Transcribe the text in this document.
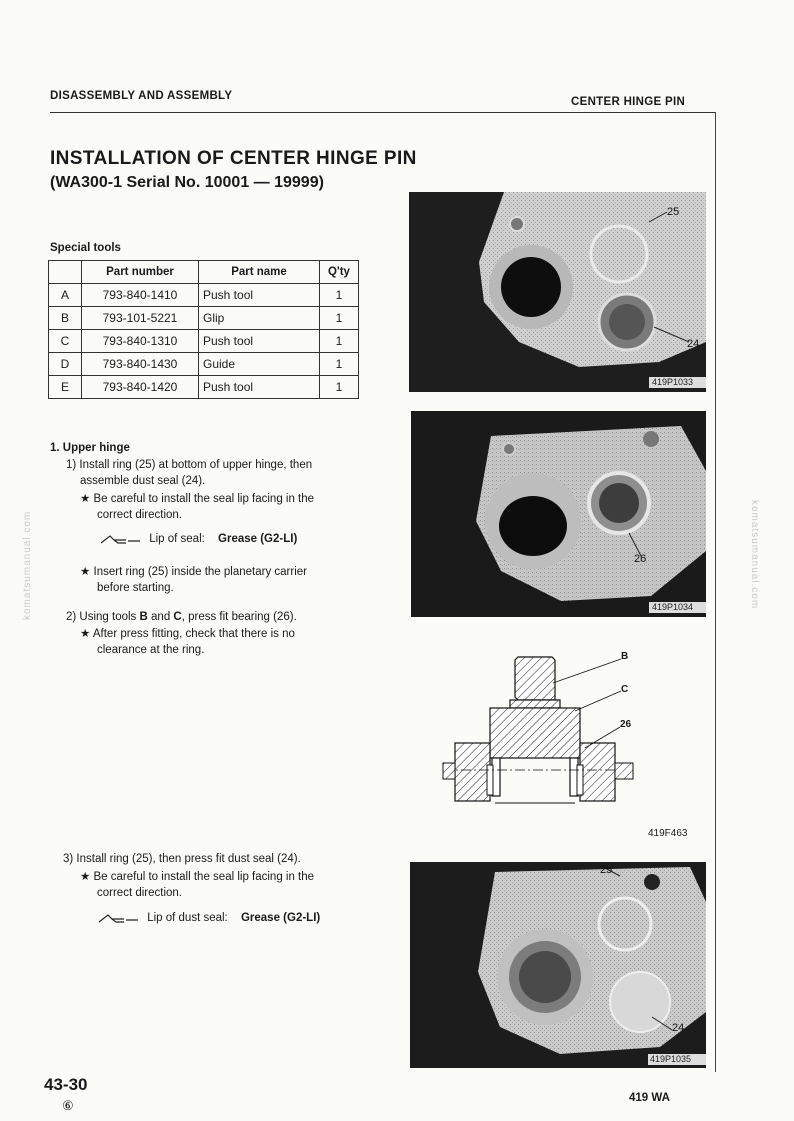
DISASSEMBLY AND ASSEMBLY	CENTER HINGE PIN
INSTALLATION OF CENTER HINGE PIN
(WA300-1 Serial No. 10001 — 19999)
Special tools
	Part number	Part name	Q'ty
A	793-840-1410	Push tool	1
B	793-101-5221	Glip	1
C	793-840-1310	Push tool	1
D	793-840-1430	Guide	1
E	793-840-1420	Push tool	1
1. Upper hinge
1) Install ring (25) at bottom of upper hinge, then
assemble dust seal (24).
★ Be careful to install the seal lip facing in the
correct direction.
Lip of seal: Grease (G2-LI)
★ Insert ring (25) inside the planetary carrier
before starting.
2) Using tools B and C, press fit bearing (26).
★ After press fitting, check that there is no
clearance at the ring.
3) Install ring (25), then press fit dust seal (24).
★ Be careful to install the seal lip facing in the
correct direction.
Lip of dust seal: Grease (G2-LI)
25
24
419P1033
26
419P1034
B
C
26
419F463
25
24
419P1035
komatsumanual.com	komatsumanual.com
43-30
⑥	419 WA
